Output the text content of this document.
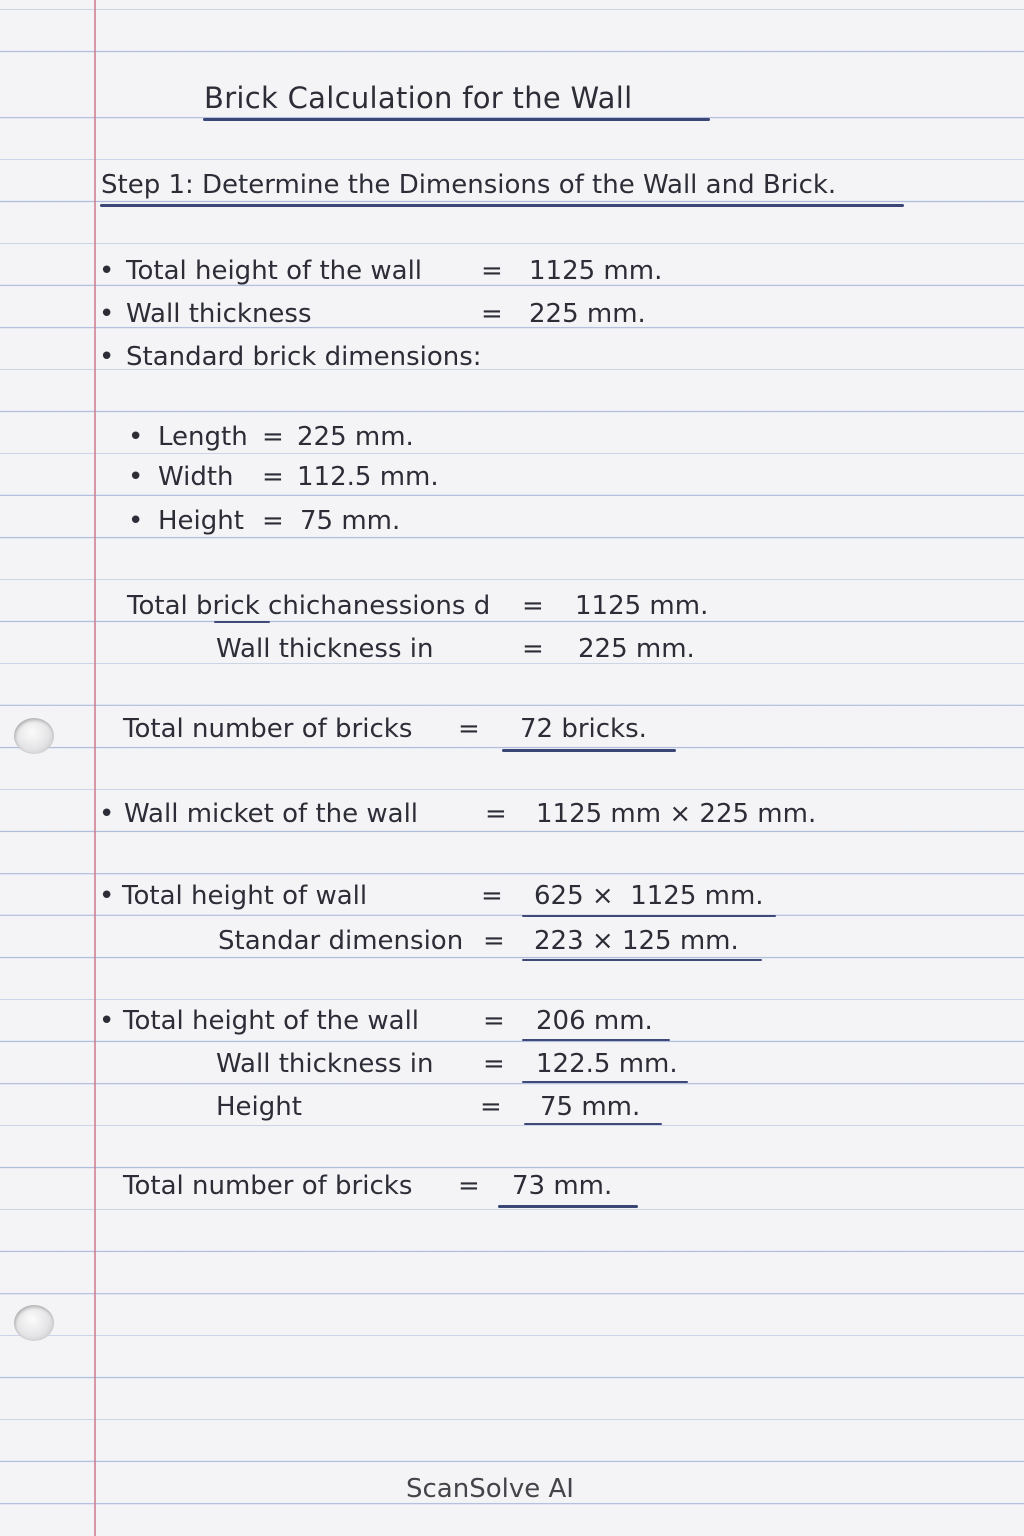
Brick Calculation for the Wall
Step 1: Determine the Dimensions of the Wall and Brick.
• Total height of the wall = 1125 mm.
• Wall thickness	= 225 mm.
• Standard brick dimensions:
• Length = 225 mm.
• Width = 112.5 mm.
• Height = 75 mm.
Total brick chichanessions d = 1125 mm.
Wall thickness in	= 225 mm.
Total number of bricks = 72 bricks.
• Wall micket of the wall	= 1125 mm × 225 mm.
• Total height of wall	= 625 ×  1125 mm.
Standar dimension = 223 × 125 mm.
• Total height of the wall = 206 mm.
Wall thickness in = 122.5 mm.
Height	= 75 mm.
Total number of bricks = 73 mm.
ScanSolve AI
